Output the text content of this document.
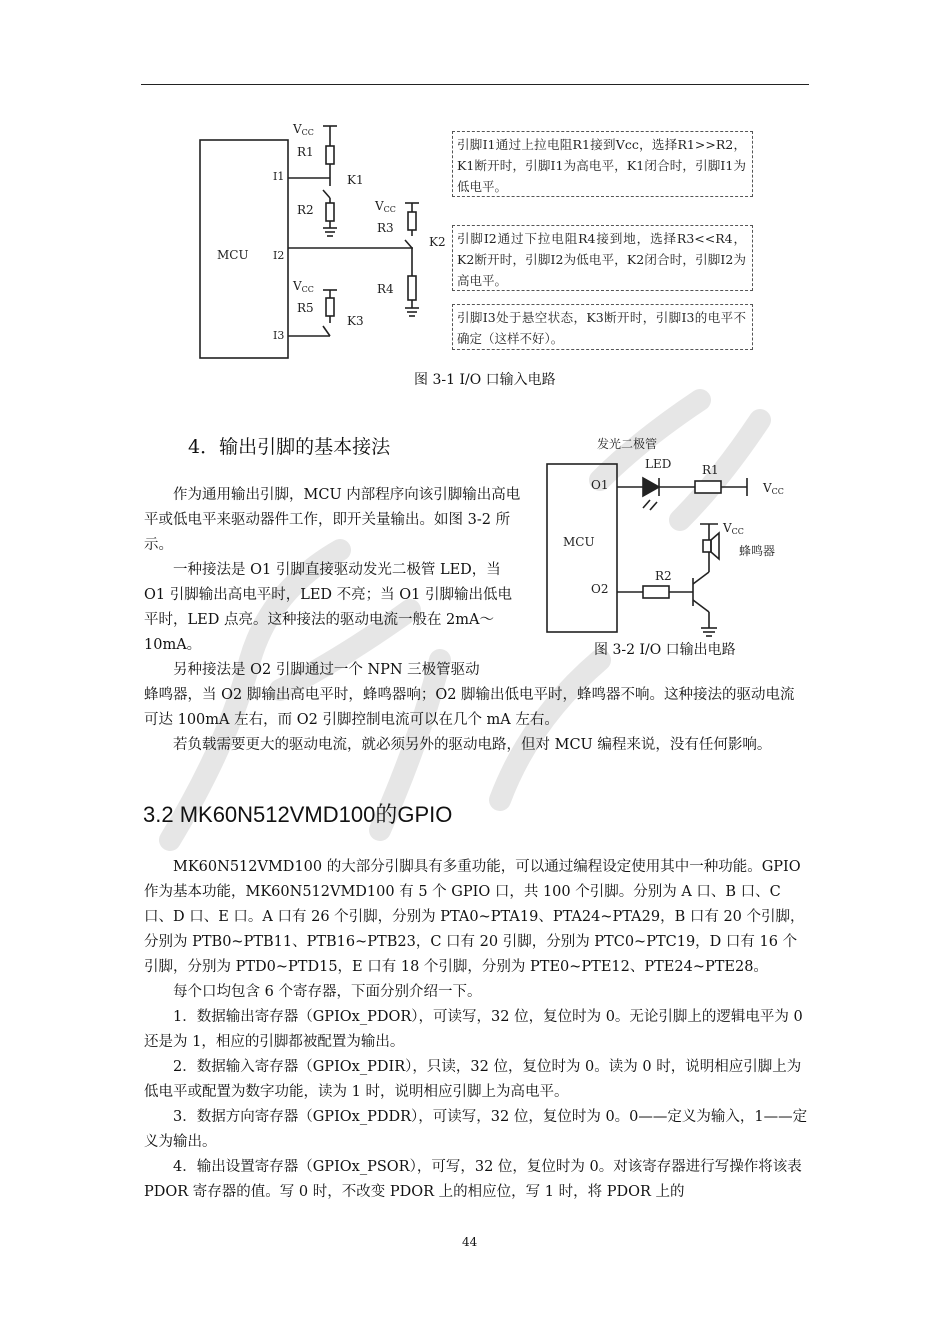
MCU
I1
I2
I3
R1
R2
R3
R4
R5
K1
K2
K3
VCC
VCC
VCC
引脚I1通过上拉电阻R1接到Vcc，选择R1>>R2，K1断开时，引脚I1为高电平，K1闭合时，引脚I1为低电平。
引脚I2通过下拉电阻R4接到地，选择R3<<R4，K2断开时，引脚I2为低电平，K2闭合时，引脚I2为高电平。
引脚I3处于悬空状态，K3断开时，引脚I3的电平不确定（这样不好）。
图 3-1 I/O 口输入电路
4．输出引脚的基本接法	发光二极管
LED	R1
O1
O2
MCU
R2
蜂鸣器
VCC
VCC
图 3-2 I/O 口输出电路

作为通用输出引脚，MCU 内部程序向该引脚输出高电平或低电平来驱动器件工作，即开关量输出。如图 3-2 所示。

一种接法是 O1 引脚直接驱动发光二极管 LED，当 O1 引脚输出高电平时，LED 不亮；当 O1 引脚输出低电平时，LED 点亮。这种接法的驱动电流一般在 2mA～10mA。

另种接法是 O2 引脚通过一个 NPN 三极管驱动

蜂鸣器，当 O2 脚输出高电平时，蜂鸣器响；O2 脚输出低电平时，蜂鸣器不响。这种接法的驱动电流可达 100mA 左右，而 O2 引脚控制电流可以在几个 mA 左右。

若负载需要更大的驱动电流，就必须另外的驱动电路，但对 MCU 编程来说，没有任何影响。

3.2 MK60N512VMD100的GPIO

MK60N512VMD100 的大部分引脚具有多重功能，可以通过编程设定使用其中一种功能。GPIO 作为基本功能，MK60N512VMD100 有 5 个 GPIO 口，共 100 个引脚。分别为 A 口、B 口、C 口、D 口、E 口。A 口有 26 个引脚，分别为 PTA0~PTA19、PTA24~PTA29，B 口有 20 个引脚，分别为 PTB0~PTB11、PTB16~PTB23，C 口有 20 引脚，分别为 PTC0~PTC19，D 口有 16 个引脚，分别为 PTD0~PTD15，E 口有 18 个引脚，分别为 PTE0~PTE12、PTE24~PTE28。

每个口均包含 6 个寄存器，下面分别介绍一下。

1．数据输出寄存器（GPIOx_PDOR），可读写，32 位，复位时为 0。无论引脚上的逻辑电平为 0 还是为 1，相应的引脚都被配置为输出。

2．数据输入寄存器（GPIOx_PDIR），只读，32 位，复位时为 0。读为 0 时，说明相应引脚上为低电平或配置为数字功能，读为 1 时，说明相应引脚上为高电平。

3．数据方向寄存器（GPIOx_PDDR），可读写，32 位，复位时为 0。0——定义为输入，1——定义为输出。

4．输出设置寄存器（GPIOx_PSOR），可写，32 位，复位时为 0。对该寄存器进行写操作将该表 PDOR 寄存器的值。写 0 时，不改变 PDOR 上的相应位，写 1 时，将 PDOR 上的

44
